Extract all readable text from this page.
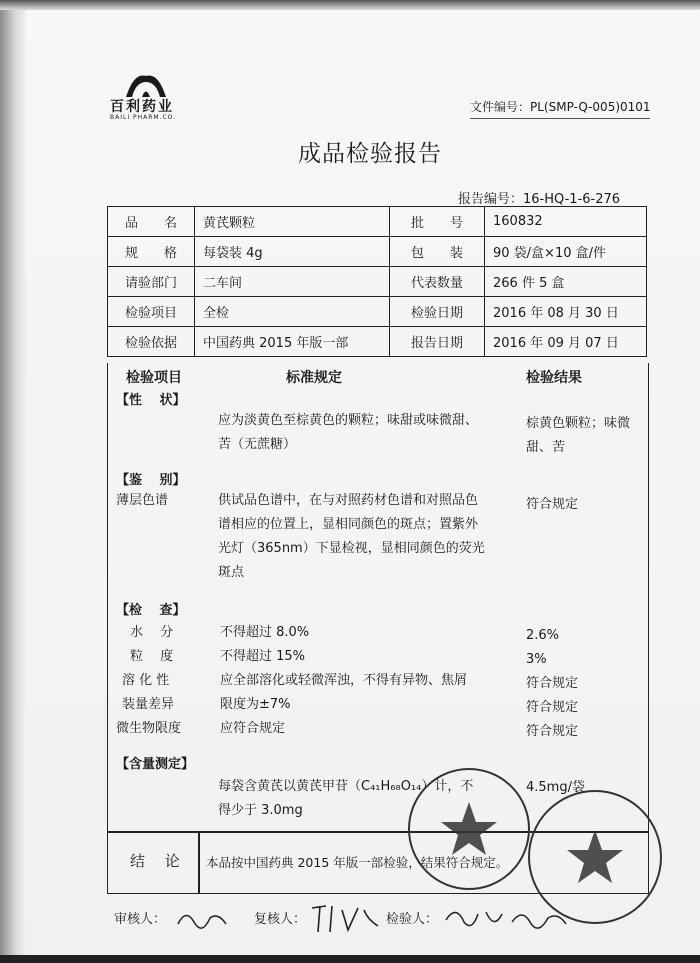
百利药业
BAILI PHARM.CO.
文件编号：PL(SMP-Q-005)0101
成品检验报告
报告编号：16-HQ-1-6-276
品　　名	黄芪颗粒	批　　号	160832
规　　格	每袋装 4g	包　　装	90 袋/盒×10 盒/件
请验部门	二车间	代表数量	266 件 5 盒
检验项目	全检	检验日期	2016 年 08 月 30 日
检验依据	中国药典 2015 年版一部	报告日期	2016 年 09 月 07 日
检验项目	标准规定	检验结果
【性　 状】
应为淡黄色至棕黄色的颗粒；味甜或味微甜、
苦（无蔗糖）
棕黄色颗粒；味微
甜、苦
【鉴　 别】
薄层色谱	供试品色谱中，在与对照药材色谱和对照品色
谱相应的位置上，显相同颜色的斑点；置紫外
光灯（365nm）下显检视，显相同颜色的荧光
斑点
符合规定
【检　 查】
水　 分	不得超过 8.0%	2.6%
粒　 度	不得超过 15%	3%
溶 化 性	应全部溶化或轻微浑浊，不得有异物、焦屑	符合规定
装量差异	限度为±7%	符合规定
微生物限度	应符合规定	符合规定
【含量测定】
每袋含黄芪以黄芪甲苷（C₄₁H₆₈O₁₄）计，不
得少于 3.0mg
4.5mg/袋
结　 论 本品按中国药典 2015 年版一部检验，结果符合规定。
审核人：	复核人：	检验人：
